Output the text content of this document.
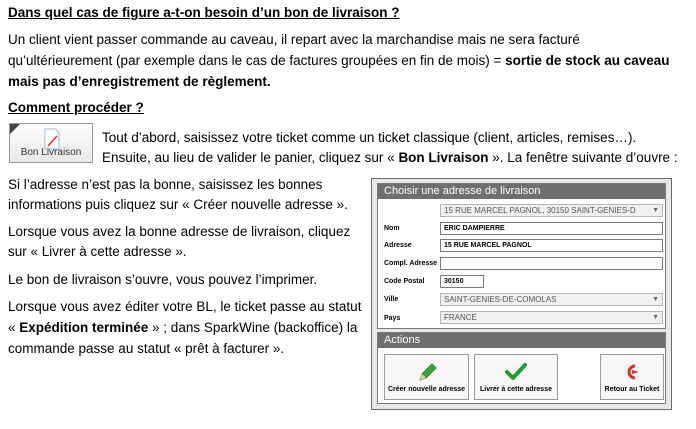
Dans quel cas de figure a-t-on besoin d’un bon de livraison ?
Un client vient passer commande au caveau, il repart avec la marchandise mais ne sera facturé
qu’ultérieurement (par exemple dans le cas de factures groupées en fin de mois) = sortie de stock au caveau
mais pas d’enregistrement de règlement.
Comment procéder ?
Bon Livraison
Tout d’abord, saisissez votre ticket comme un ticket classique (client, articles, remises…).
Ensuite, au lieu de valider le panier, cliquez sur « Bon Livraison ». La fenêtre suivante d’ouvre :
Si l’adresse n’est pas la bonne, saisissez les bonnes
informations puis cliquez sur « Créer nouvelle adresse ».
Lorsque vous avez la bonne adresse de livraison, cliquez
sur « Livrer à cette adresse ».
Le bon de livraison s’ouvre, vous pouvez l’imprimer.
Lorsque vous avez éditer votre BL, le ticket passe au statut
« Expédition terminée » ; dans SparkWine (backoffice) la
commande passe au statut « prêt à facturer ».
Choisir une adresse de livraison
15 RUE MARCEL PAGNOL, 30150 SAINT-GENIES-D ▼
Nom	ERIC DAMPIERRE
Adresse	15 RUE MARCEL PAGNOL
Compl. Adresse
Code Postal	30150
Ville	SAINT-GENIES-DE-COMOLAS	▼
Pays	FRANCE	▼
Actions
Créer nouvelle adresse	Livrer à cette adresse	Retour au Ticket
